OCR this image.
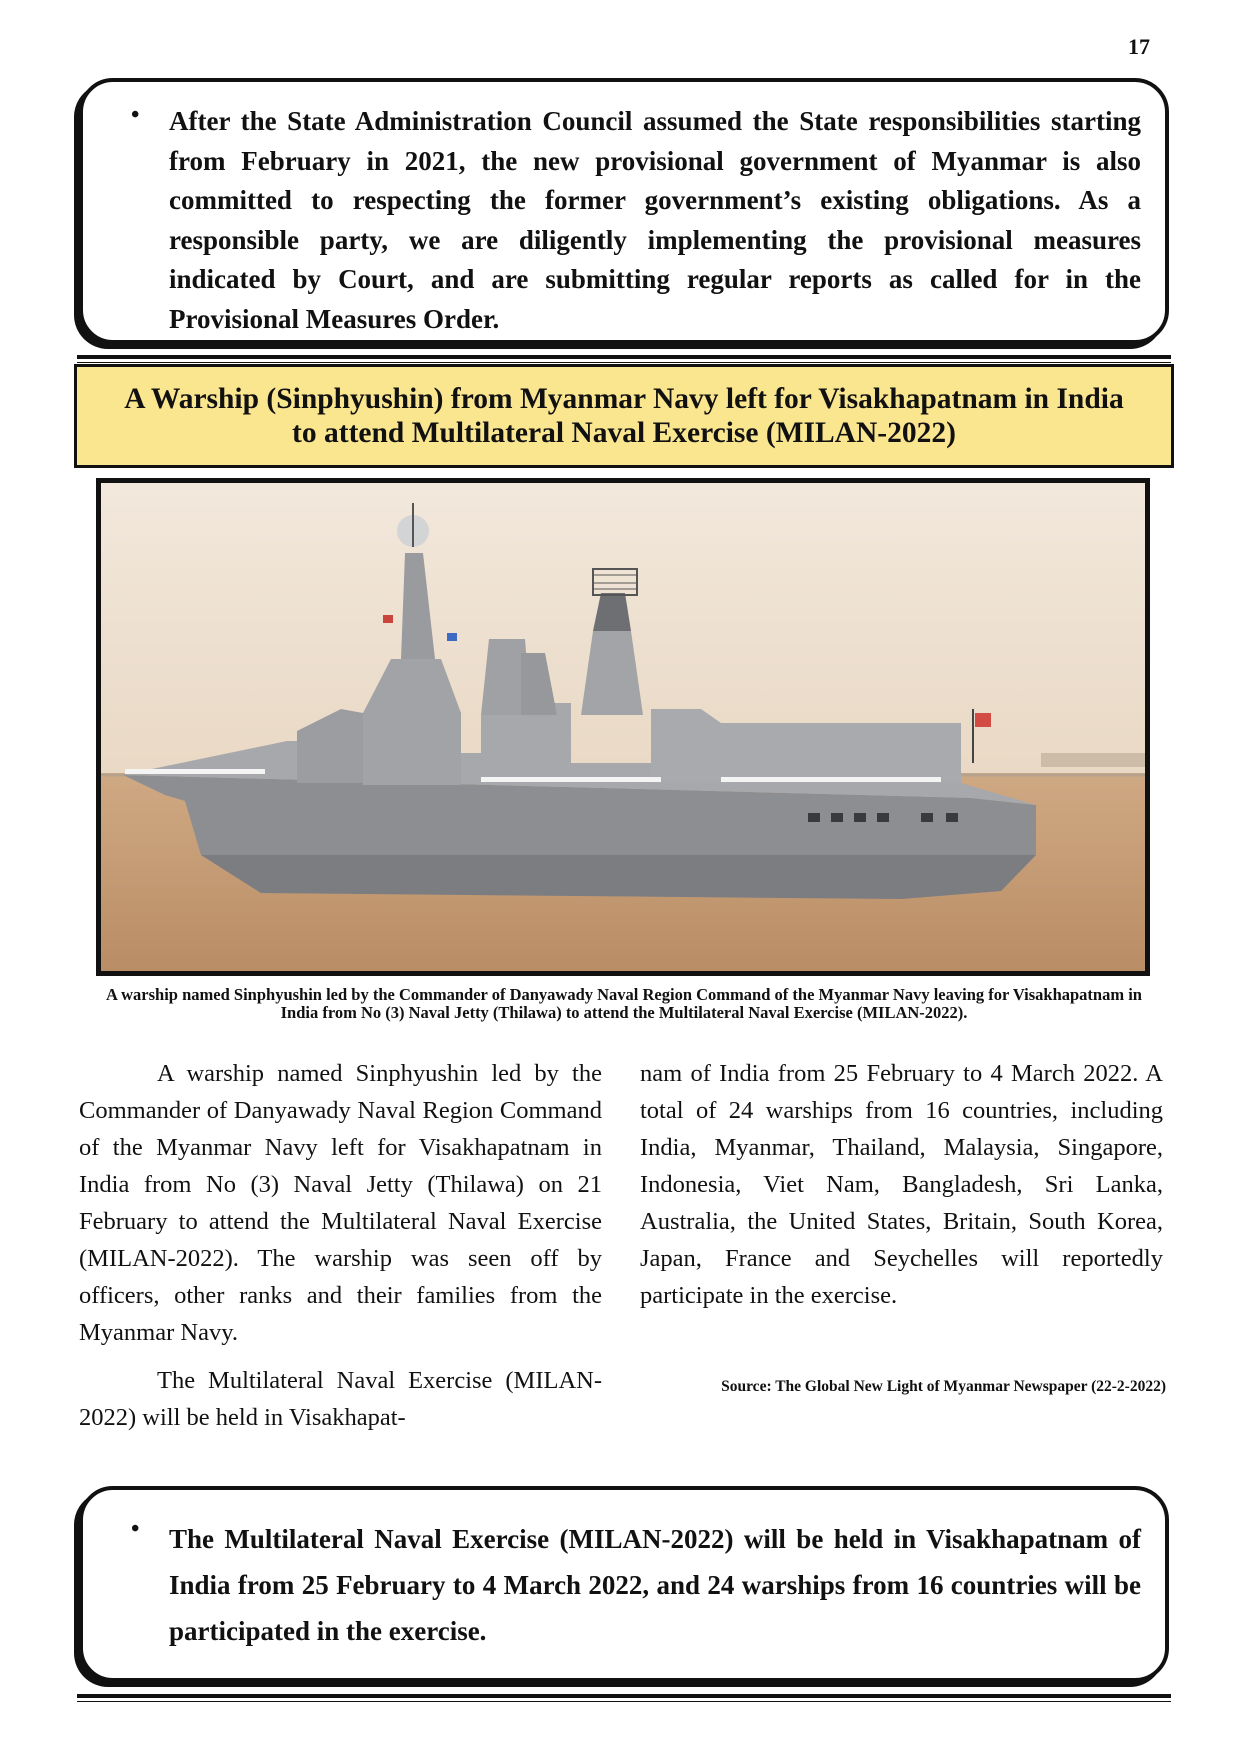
17
• After the State Administration Council assumed the State responsibilities starting from February in 2021, the new provisional government of Myanmar is also committed to respecting the former government’s existing obligations. As a responsible party, we are diligently implementing the provisional measures indicated by Court, and are submitting regular reports as called for in the Provisional Measures Order.
A Warship (Sinphyushin) from Myanmar Navy left for Visakhapatnam in India
to attend Multilateral Naval Exercise (MILAN-2022)
A warship named Sinphyushin led by the Commander of Danyawady Naval Region Command of the Myanmar Navy leaving for Visakhapatnam in India from No (3) Naval Jetty (Thilawa) to attend the Multilateral Naval Exercise (MILAN-2022).

A warship named Sinphyushin led by the Commander of Danyawady Naval Region Command of the Myanmar Navy left for Visakhapatnam in India from No (3) Naval Jetty (Thilawa) on 21 February to attend the Multilateral Naval Exercise (MILAN-2022). The warship was seen off by officers, other ranks and their families from the Myanmar Navy.

The Multilateral Naval Exercise (MILAN-2022) will be held in Visakhapat-

nam of India from 25 February to 4 March 2022. A total of 24 warships from 16 countries, including India, Myanmar, Thailand, Malaysia, Singapore, Indonesia, Viet Nam, Bangladesh, Sri Lanka, Australia, the United States, Britain, South Korea, Japan, France and Seychelles will reportedly participate in the exercise.

Source: The Global New Light of Myanmar Newspaper (22-2-2022)
• The Multilateral Naval Exercise (MILAN-2022) will be held in Visakhapatnam of India from 25 February to 4 March 2022, and 24 warships from 16 countries will be participated in the exercise.
